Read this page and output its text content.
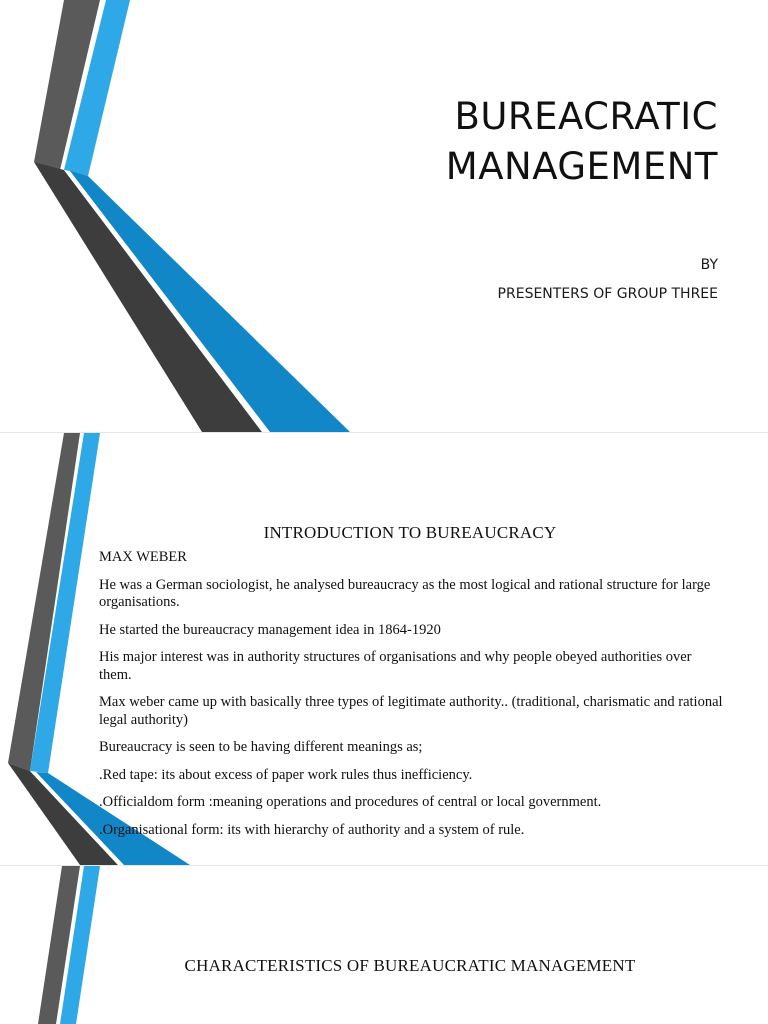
BUREACRATIC
MANAGEMENT
BY
PRESENTERS OF GROUP THREE
INTRODUCTION TO BUREAUCRACY

MAX WEBER

He was a German sociologist, he analysed bureaucracy as the most logical and rational structure for large organisations.

He started the bureaucracy management idea in 1864-1920

His major interest was in authority structures of organisations and why people obeyed authorities over them.

Max weber came up with basically three types of legitimate authority.. (traditional, charismatic and rational legal authority)

Bureaucracy is seen to be having different meanings as;

.Red tape: its about excess of paper work rules thus inefficiency.

.Officialdom form :meaning operations and procedures of central or local government.

.Organisational form: its with hierarchy of authority and a system of rule.

CHARACTERISTICS OF BUREAUCRATIC MANAGEMENT
